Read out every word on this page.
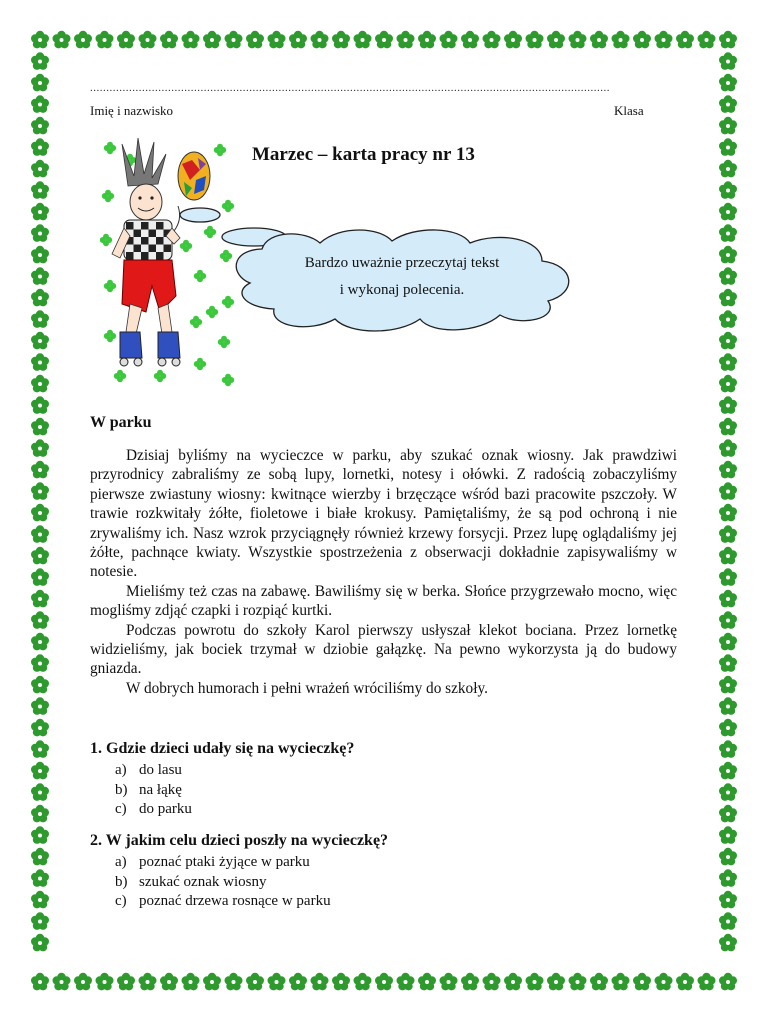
................................................................................................................................................................
Imię i nazwisko	Klasa
Marzec – karta pracy nr 13
Bardzo uważnie przeczytaj tekst
i wykonaj polecenia.
W parku

Dzisiaj byliśmy na wycieczce w parku, aby szukać oznak wiosny. Jak prawdziwi przyrodnicy zabraliśmy ze sobą lupy, lornetki, notesy i ołówki. Z radością zobaczyliśmy pierwsze zwiastuny wiosny: kwitnące wierzby i brzęczące wśród bazi pracowite pszczoły. W trawie rozkwitały żółte, fioletowe i białe krokusy. Pamiętaliśmy, że są pod ochroną i nie zrywaliśmy ich. Nasz wzrok przyciągnęły również krzewy forsycji. Przez lupę oglądaliśmy jej żółte, pachnące kwiaty. Wszystkie spostrzeżenia z obserwacji dokładnie zapisywaliśmy w notesie.

Mieliśmy też czas na zabawę. Bawiliśmy się w berka. Słońce przygrzewało mocno, więc mogliśmy zdjąć czapki i rozpiąć kurtki.

Podczas powrotu do szkoły Karol pierwszy usłyszał klekot bociana. Przez lornetkę widzieliśmy, jak bociek trzymał w dziobie gałązkę. Na pewno wykorzysta ją do budowy gniazda.

W dobrych humorach i pełni wrażeń wróciliśmy do szkoły.

1. Gdzie dzieci udały się na wycieczkę?
a) do lasu
b) na łąkę
c) do parku
2. W jakim celu dzieci poszły na wycieczkę?
a) poznać ptaki żyjące w parku
b) szukać oznak wiosny
c) poznać drzewa rosnące w parku
